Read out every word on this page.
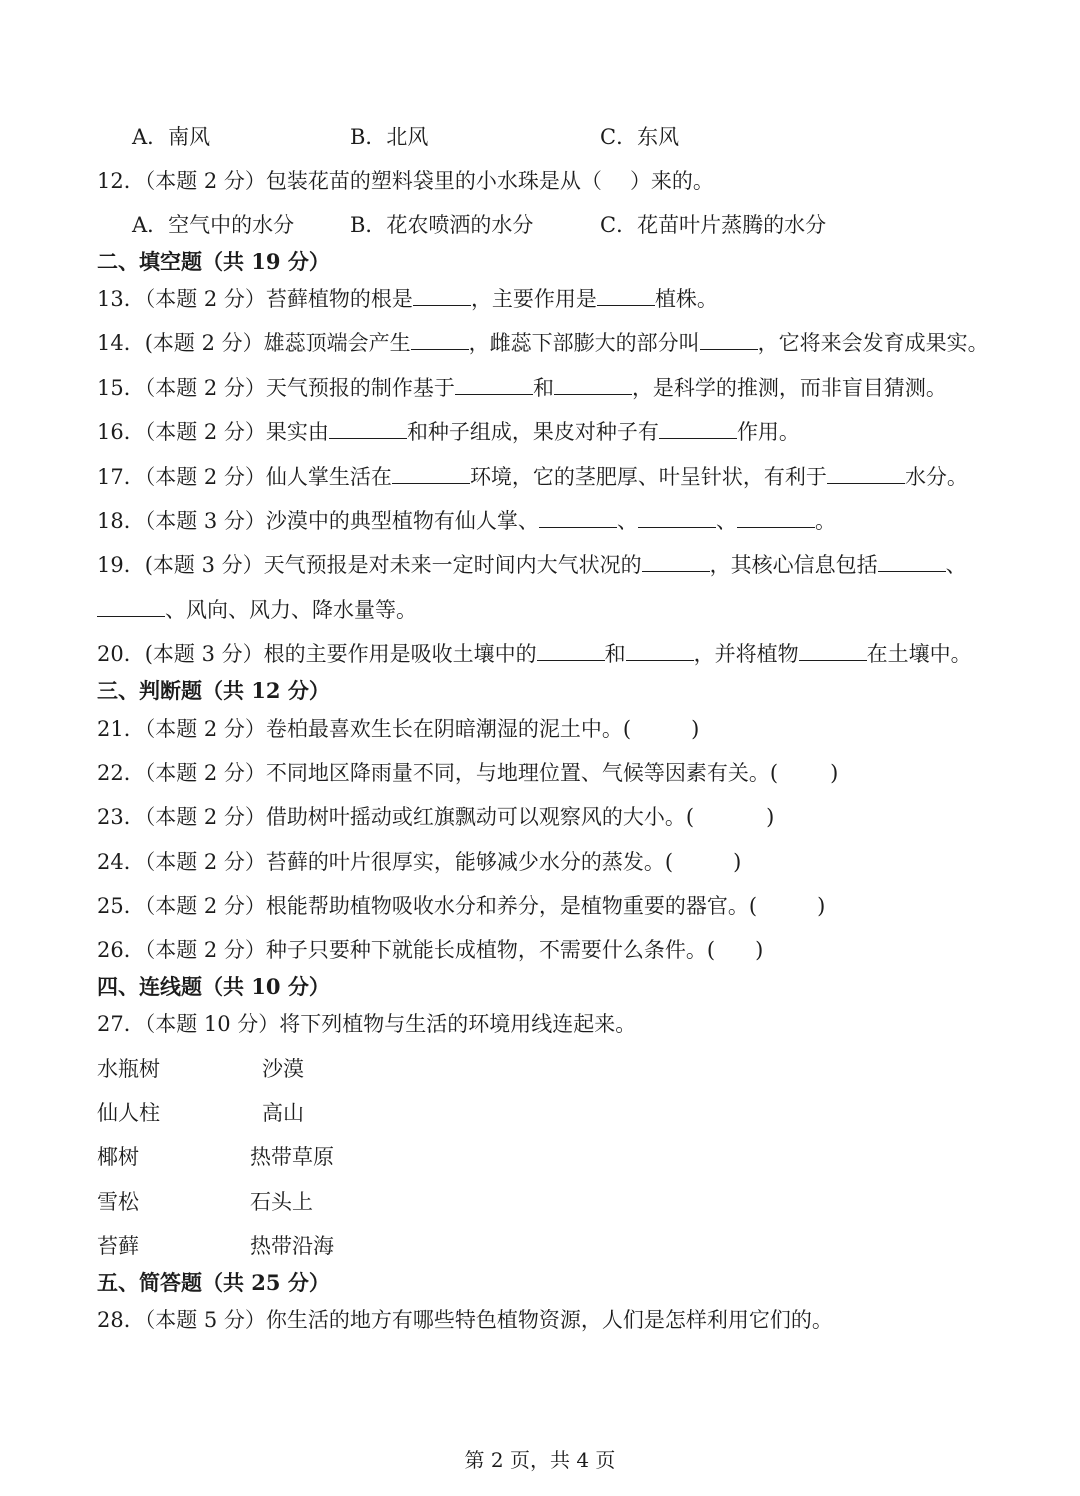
A．南风	B．北风	C．东风
12．（本题 2 分）包装花苗的塑料袋里的小水珠是从（ ）来的。
A．空气中的水分	B．花农喷洒的水分	C．花苗叶片蒸腾的水分
二、填空题（共 19 分）
13．（本题 2 分）苔藓植物的根是	，主要作用是	植株。
14．(本题 2 分）雄蕊顶端会产生	，雌蕊下部膨大的部分叫	，它将来会发育成果实。
15．（本题 2 分）天气预报的制作基于	和	，是科学的推测，而非盲目猜测。
16．（本题 2 分）果实由	和种子组成，果皮对种子有	作用。
17．（本题 2 分）仙人掌生活在	环境，它的茎肥厚、叶呈针状，有利于	水分。
18．（本题 3 分）沙漠中的典型植物有仙人掌、	、	、	。
19．(本题 3 分）天气预报是对未来一定时间内大气状况的	，其核心信息包括	、
、风向、风力、降水量等。
20．(本题 3 分）根的主要作用是吸收土壤中的	和	，并将植物	在土壤中。
三、判断题（共 12 分）
21．（本题 2 分）卷柏最喜欢生长在阴暗潮湿的泥土中。(	)
22．（本题 2 分）不同地区降雨量不同，与地理位置、气候等因素有关。( )
23．（本题 2 分）借助树叶摇动或红旗飘动可以观察风的大小。(	)
24．（本题 2 分）苔藓的叶片很厚实，能够减少水分的蒸发。(	)
25．（本题 2 分）根能帮助植物吸收水分和养分，是植物重要的器官。(	)
26．（本题 2 分）种子只要种下就能长成植物，不需要什么条件。( )
四、连线题（共 10 分）
27．（本题 10 分）将下列植物与生活的环境用线连起来。
水瓶树	沙漠
仙人柱	高山
椰树	热带草原
雪松	石头上
苔藓	热带沿海
五、简答题（共 25 分）
28．（本题 5 分）你生活的地方有哪些特色植物资源，人们是怎样利用它们的。
第 2 页，共 4 页
